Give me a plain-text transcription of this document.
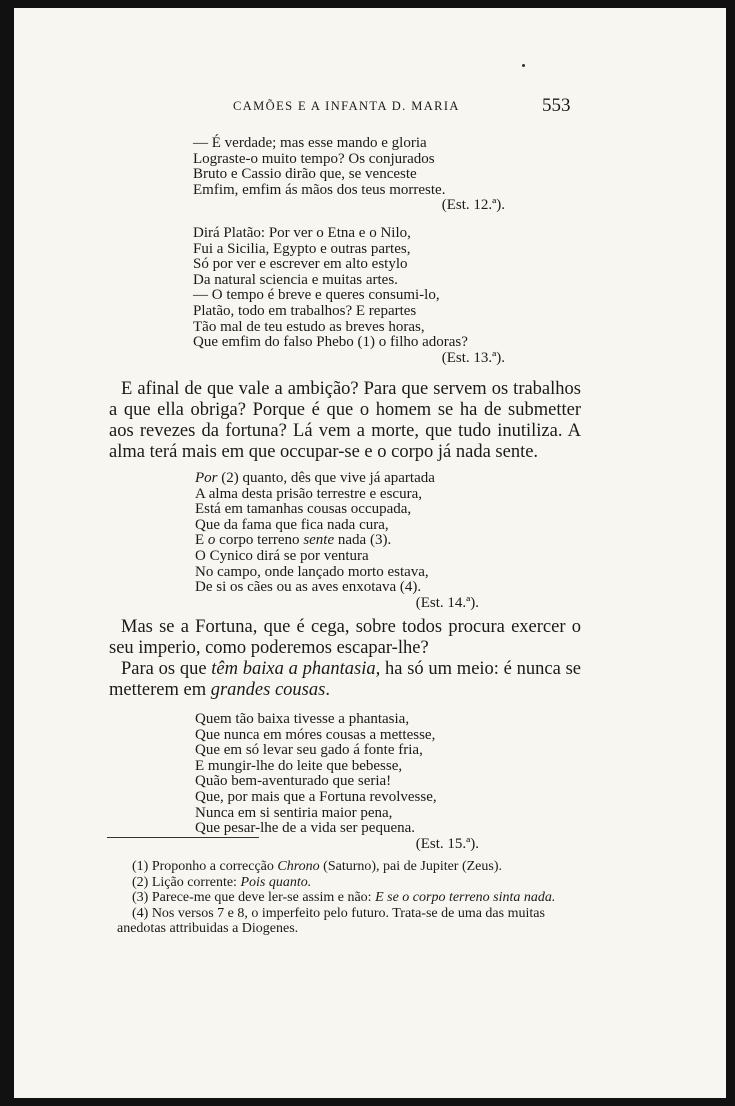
CAMÕES E A INFANTA D. MARIA	553
— É verdade; mas esse mando e gloria
Lograste-o muito tempo? Os conjurados
Bruto e Cassio dirão que, se venceste
Emfim, emfim ás mãos dos teus morreste.
(Est. 12.ª).
Dirá Platão: Por ver o Etna e o Nilo,
Fui a Sicilia, Egypto e outras partes,
Só por ver e escrever em alto estylo
Da natural sciencia e muitas artes.
— O tempo é breve e queres consumi-lo,
Platão, todo em trabalhos? E repartes
Tão mal de teu estudo as breves horas,
Que emfim do falso Phebo (1) o filho adoras?
(Est. 13.ª).
E afinal de que vale a ambição? Para que servem os trabalhos a que ella obriga? Porque é que o homem se ha de submetter aos revezes da fortuna? Lá vem a morte, que tudo inutiliza. A alma terá mais em que occupar-se e o corpo já nada sente.
Por (2) quanto, dês que vive já apartada
A alma desta prisão terrestre e escura,
Está em tamanhas cousas occupada,
Que da fama que fica nada cura,
E o corpo terreno sente nada (3).
O Cynico dirá se por ventura
No campo, onde lançado morto estava,
De si os cães ou as aves enxotava (4).
(Est. 14.ª).
Mas se a Fortuna, que é cega, sobre todos procura exercer o seu imperio, como poderemos escapar-lhe?
Para os que têm baixa a phantasia, ha só um meio: é nunca se metterem em grandes cousas.
Quem tão baixa tivesse a phantasia,
Que nunca em móres cousas a mettesse,
Que em só levar seu gado á fonte fria,
E mungir-lhe do leite que bebesse,
Quão bem-aventurado que seria!
Que, por mais que a Fortuna revolvesse,
Nunca em si sentiria maior pena,
Que pesar-lhe de a vida ser pequena.
(Est. 15.ª).
(1) Proponho a correcção Chrono (Saturno), pai de Jupiter (Zeus).
(2) Lição corrente: Pois quanto.
(3) Parece-me que deve ler-se assim e não: E se o corpo terreno sinta nada.
(4) Nos versos 7 e 8, o imperfeito pelo futuro. Trata-se de uma das muitas anedotas attribuidas a Diogenes.
